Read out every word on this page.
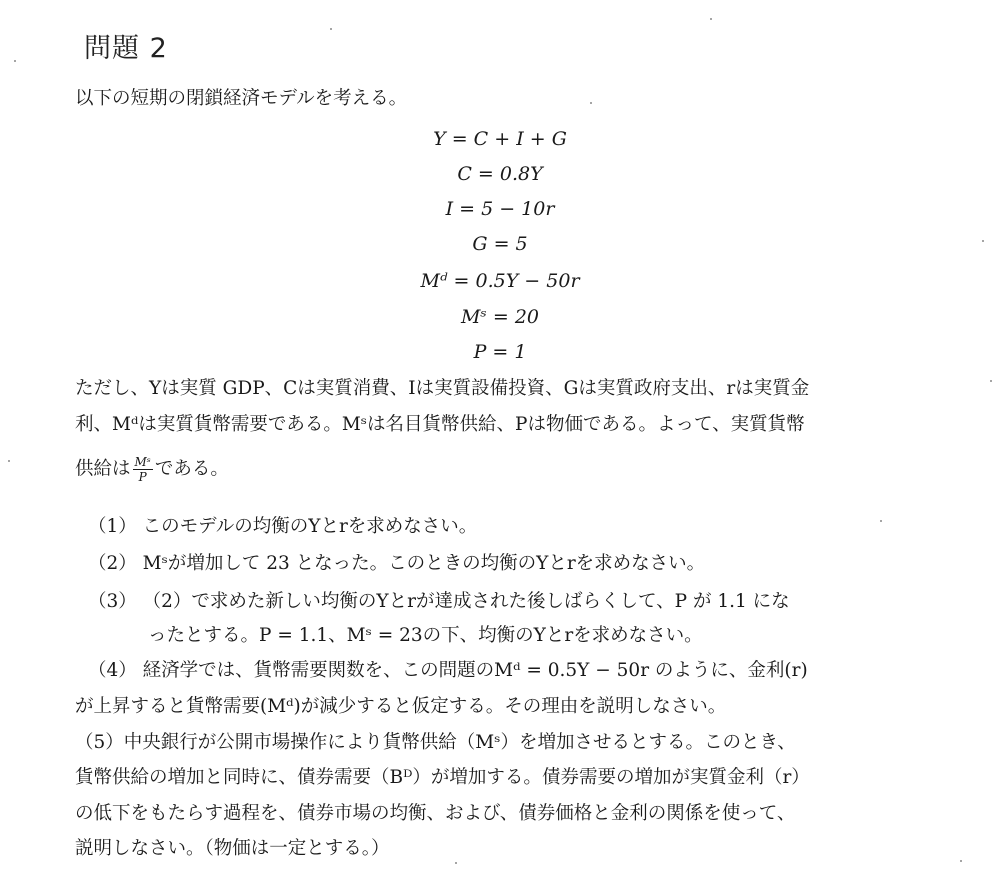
問題 2
以下の短期の閉鎖経済モデルを考える。
Y = C + I + G
C = 0.8Y
I = 5 − 10r
G = 5
Mᵈ = 0.5Y − 50r
Mˢ = 20
P = 1
ただし、Yは実質 GDP、Cは実質消費、Iは実質設備投資、Gは実質政府支出、rは実質金
利、Mᵈは実質貨幣需要である。Mˢは名目貨幣供給、Pは物価である。よって、実質貨幣
供給は $\frac{\text{Mˢ}}{P}$ である。
（1） このモデルの均衡のYとrを求めなさい。
（2） Mˢが増加して 23 となった。このときの均衡のYとrを求めなさい。
（3） （2）で求めた新しい均衡のYとrが達成された後しばらくして、P が 1.1 にな
ったとする。P = 1.1、Mˢ = 23の下、均衡のYとrを求めなさい。
（4） 経済学では、貨幣需要関数を、この問題のMᵈ = 0.5Y − 50r のように、金利(r)
が上昇すると貨幣需要(Mᵈ)が減少すると仮定する。その理由を説明しなさい。
（5）中央銀行が公開市場操作により貨幣供給（Mˢ）を増加させるとする。このとき、
貨幣供給の増加と同時に、債券需要（Bᴰ）が増加する。債券需要の増加が実質金利（r）
の低下をもたらす過程を、債券市場の均衡、および、債券価格と金利の関係を使って、
説明しなさい。（物価は一定とする。）
